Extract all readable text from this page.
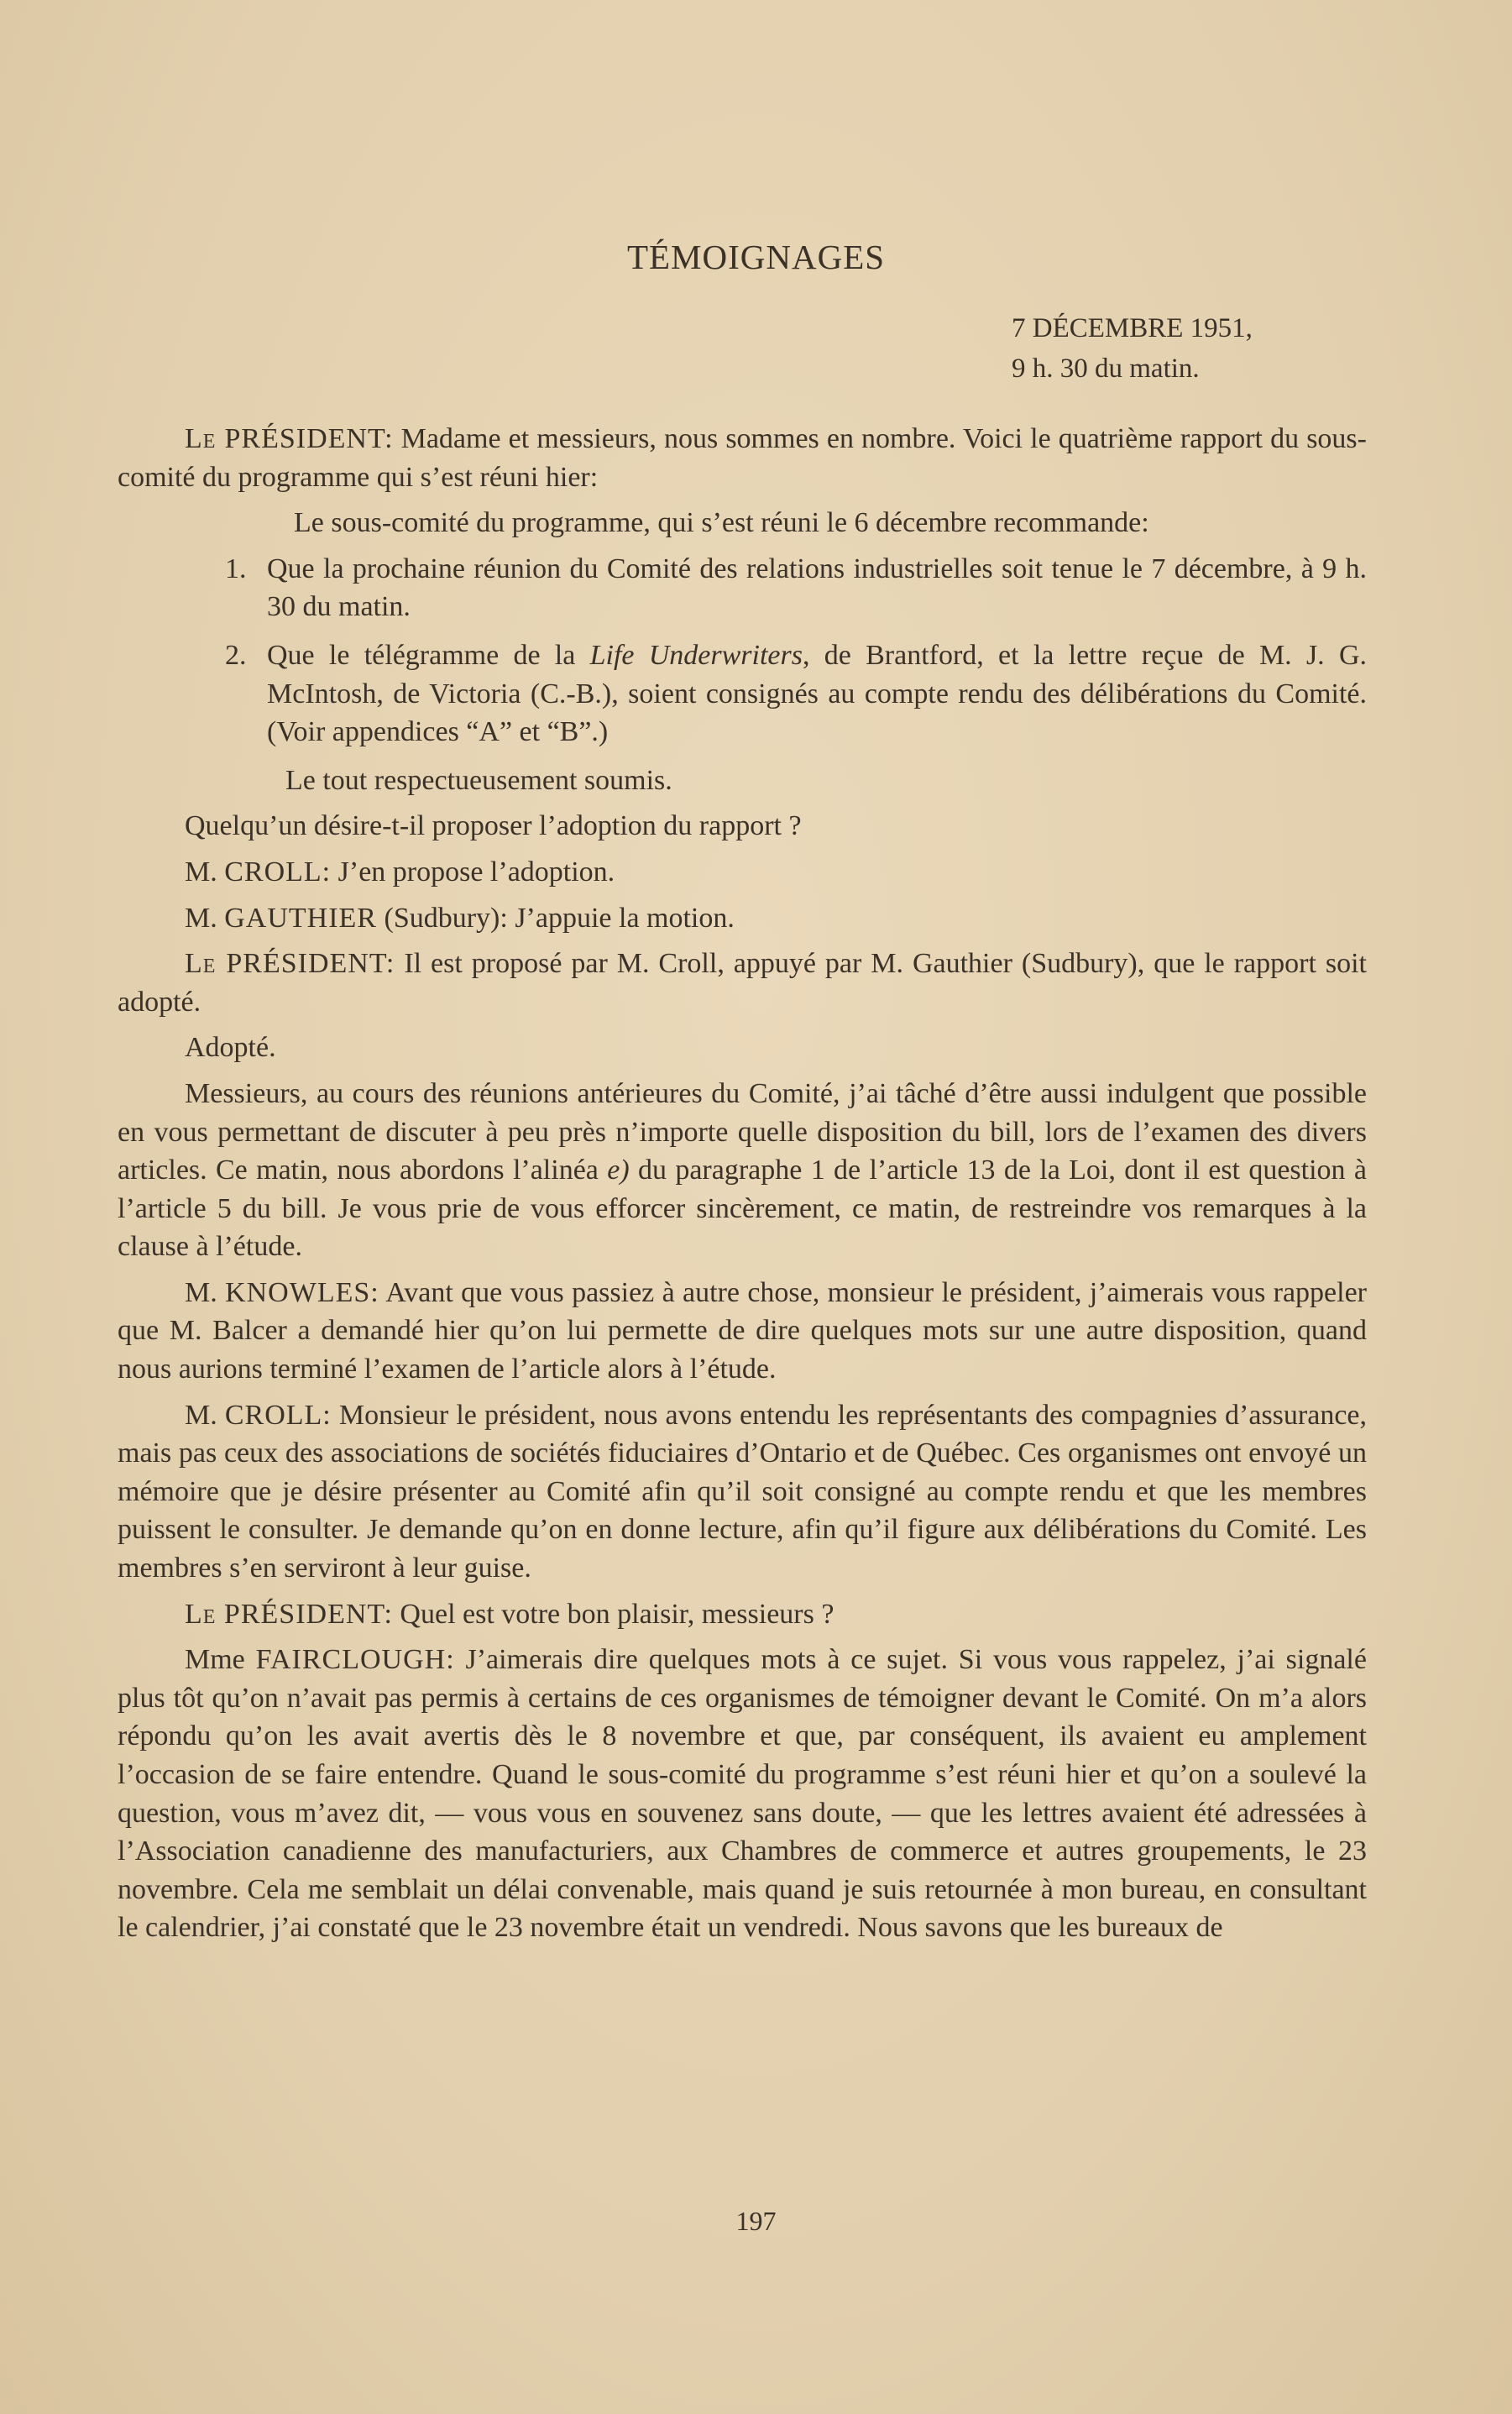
TÉMOIGNAGES
7 DÉCEMBRE 1951,
9 h. 30 du matin.

Le PRÉSIDENT: Madame et messieurs, nous sommes en nombre. Voici le quatrième rapport du sous-comité du programme qui s’est réuni hier:

Le sous-comité du programme, qui s’est réuni le 6 décembre recommande:

1. Que la prochaine réunion du Comité des relations industrielles soit tenue le 7 décembre, à 9 h. 30 du matin.

2. Que le télégramme de la Life Underwriters, de Brantford, et la lettre reçue de M. J. G. McIntosh, de Victoria (C.-B.), soient consignés au compte rendu des délibérations du Comité. (Voir appendices “A” et “B”.)

Le tout respectueusement soumis.

Quelqu’un désire-t-il proposer l’adoption du rapport ?

M. CROLL: J’en propose l’adoption.

M. GAUTHIER (Sudbury): J’appuie la motion.

Le PRÉSIDENT: Il est proposé par M. Croll, appuyé par M. Gauthier (Sudbury), que le rapport soit adopté.

Adopté.

Messieurs, au cours des réunions antérieures du Comité, j’ai tâché d’être aussi indulgent que possible en vous permettant de discuter à peu près n’importe quelle disposition du bill, lors de l’examen des divers articles. Ce matin, nous abordons l’alinéa e) du paragraphe 1 de l’article 13 de la Loi, dont il est question à l’article 5 du bill. Je vous prie de vous efforcer sincèrement, ce matin, de restreindre vos remarques à la clause à l’étude.

M. KNOWLES: Avant que vous passiez à autre chose, monsieur le président, j’aimerais vous rappeler que M. Balcer a demandé hier qu’on lui permette de dire quelques mots sur une autre disposition, quand nous aurions terminé l’examen de l’article alors à l’étude.

M. CROLL: Monsieur le président, nous avons entendu les représentants des compagnies d’assurance, mais pas ceux des associations de sociétés fiduciaires d’Ontario et de Québec. Ces organismes ont envoyé un mémoire que je désire présenter au Comité afin qu’il soit consigné au compte rendu et que les membres puissent le consulter. Je demande qu’on en donne lecture, afin qu’il figure aux délibérations du Comité. Les membres s’en serviront à leur guise.

Le PRÉSIDENT: Quel est votre bon plaisir, messieurs ?

Mme FAIRCLOUGH: J’aimerais dire quelques mots à ce sujet. Si vous vous rappelez, j’ai signalé plus tôt qu’on n’avait pas permis à certains de ces organismes de témoigner devant le Comité. On m’a alors répondu qu’on les avait avertis dès le 8 novembre et que, par conséquent, ils avaient eu amplement l’occasion de se faire entendre. Quand le sous-comité du programme s’est réuni hier et qu’on a soulevé la question, vous m’avez dit, — vous vous en souvenez sans doute, — que les lettres avaient été adressées à l’Association canadienne des manufacturiers, aux Chambres de commerce et autres groupements, le 23 novembre. Cela me semblait un délai convenable, mais quand je suis retournée à mon bureau, en consultant le calendrier, j’ai constaté que le 23 novembre était un vendredi. Nous savons que les bureaux de

197
